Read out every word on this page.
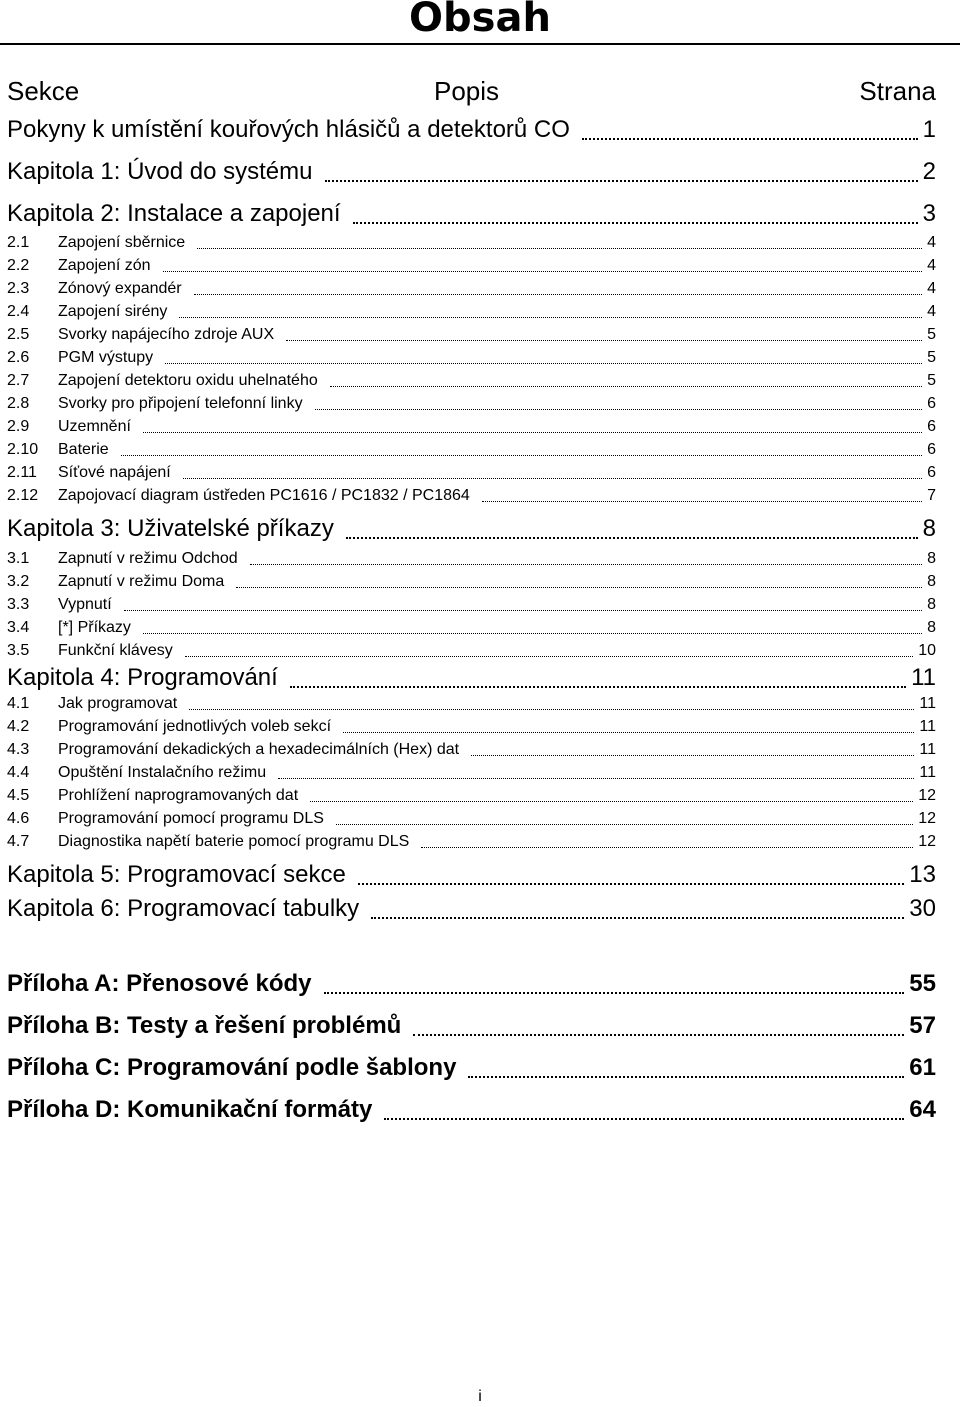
Obsah
Sekce	Popis	Strana
Pokyny k umístění kouřových hlásičů a detektorů CO	1
Kapitola 1: Úvod do systému	2
Kapitola 2: Instalace a zapojení	3
2.1 Zapojení sběrnice	4
2.2 Zapojení zón	4
2.3 Zónový expandér	4
2.4 Zapojení sirény	4
2.5 Svorky napájecího zdroje AUX	5
2.6 PGM výstupy	5
2.7 Zapojení detektoru oxidu uhelnatého	5
2.8 Svorky pro připojení telefonní linky	6
2.9 Uzemnění	6
2.10 Baterie	6
2.11 Síťové napájení	6
2.12 Zapojovací diagram ústředen PC1616 / PC1832 / PC1864	7
Kapitola 3: Uživatelské příkazy	8
3.1 Zapnutí v režimu Odchod	8
3.2 Zapnutí v režimu Doma	8
3.3 Vypnutí	8
3.4 [*] Příkazy	8
3.5 Funkční klávesy	10
Kapitola 4: Programování	11
4.1 Jak programovat	11
4.2 Programování jednotlivých voleb sekcí	11
4.3 Programování dekadických a hexadecimálních (Hex) dat	11
4.4 Opuštění Instalačního režimu	11
4.5 Prohlížení naprogramovaných dat	12
4.6 Programování pomocí programu DLS	12
4.7 Diagnostika napětí baterie pomocí programu DLS	12
Kapitola 5: Programovací sekce	13
Kapitola 6: Programovací tabulky	30
Příloha A: Přenosové kódy	55
Příloha B: Testy a řešení problémů	57
Příloha C: Programování podle šablony	61
Příloha D: Komunikační formáty	64
i
